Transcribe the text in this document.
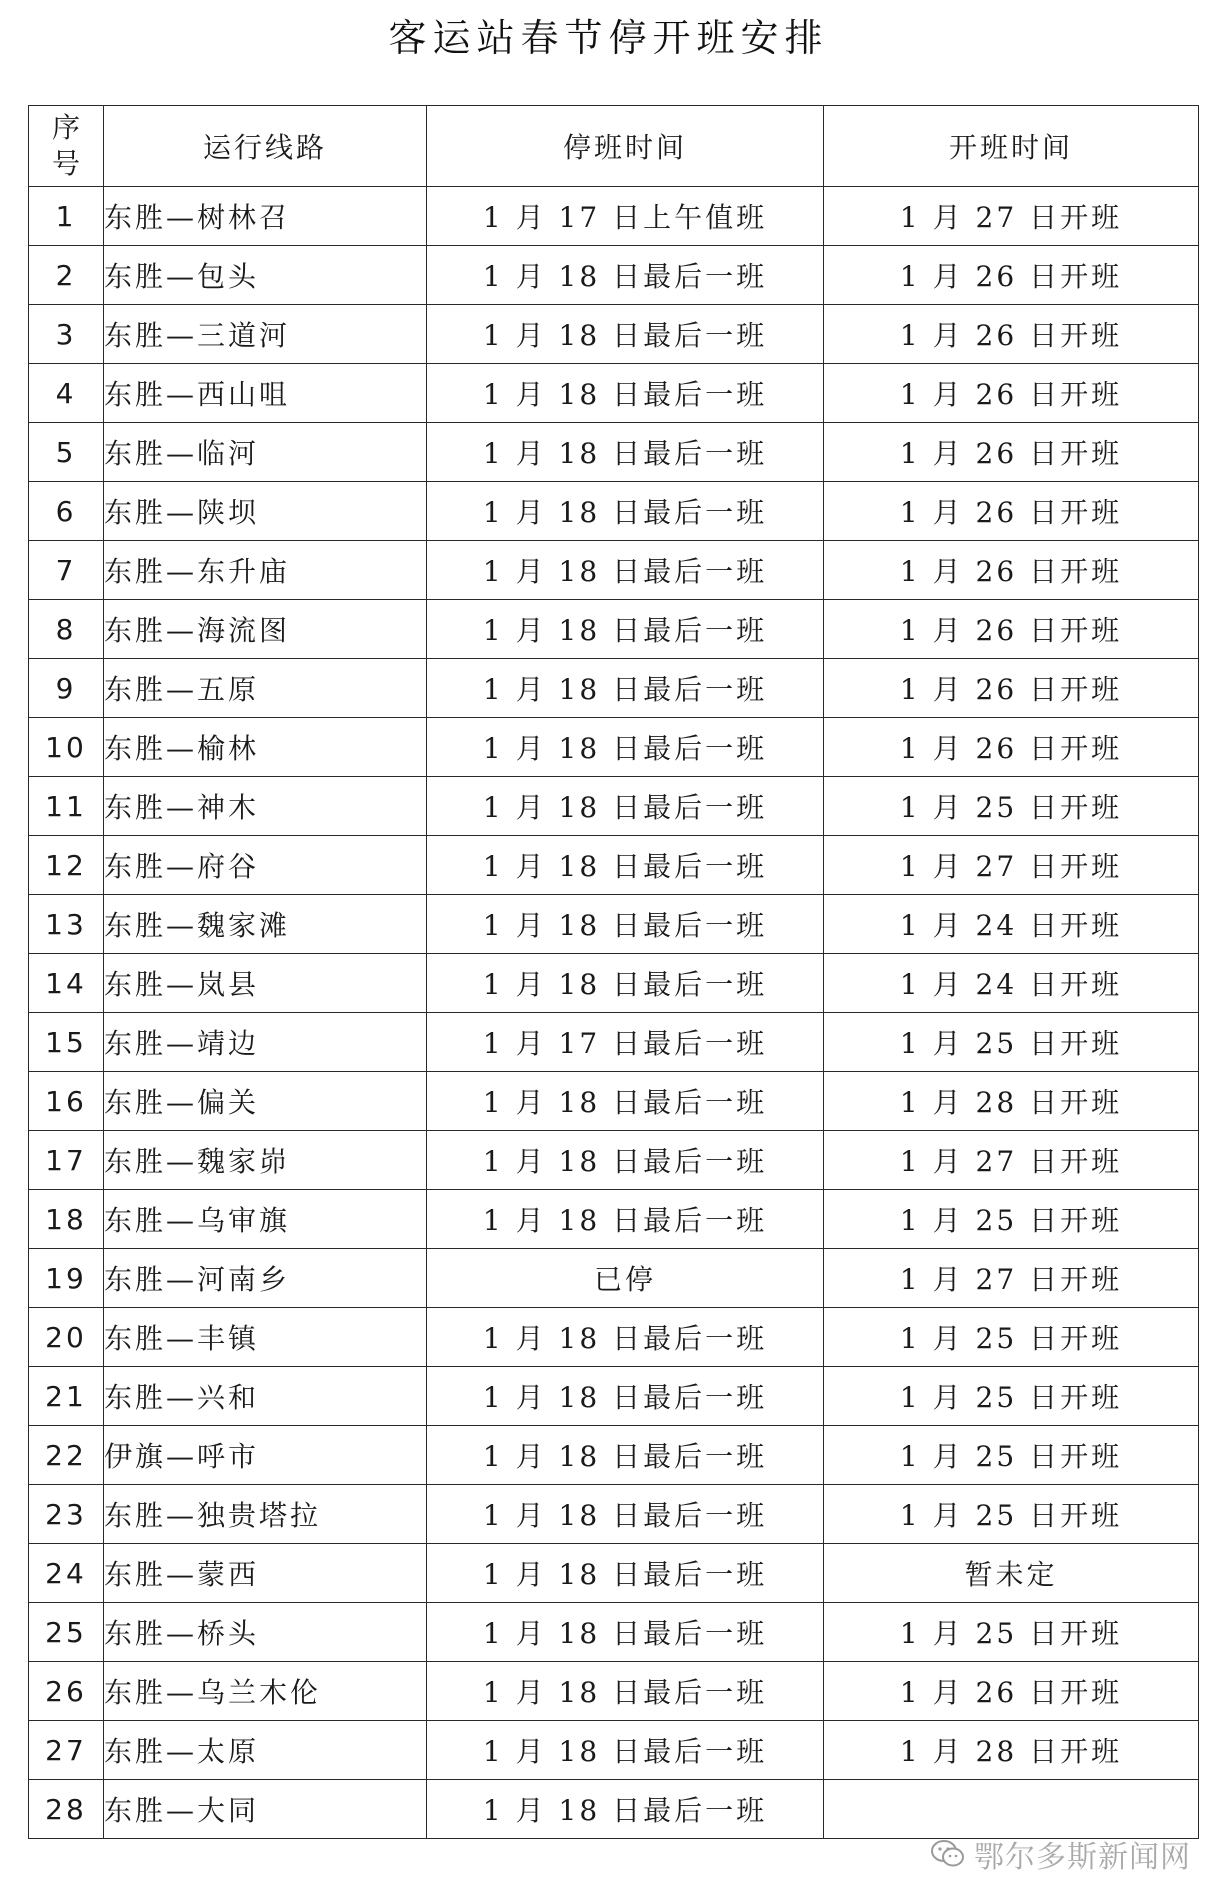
客运站春节停开班安排
序号	运行线路	停班时间	开班时间
1	东胜—树林召	1 月 17 日上午值班	1 月 27 日开班
2	东胜—包头	1 月 18 日最后一班	1 月 26 日开班
3	东胜—三道河	1 月 18 日最后一班	1 月 26 日开班
4	东胜—西山咀	1 月 18 日最后一班	1 月 26 日开班
5	东胜—临河	1 月 18 日最后一班	1 月 26 日开班
6	东胜—陕坝	1 月 18 日最后一班	1 月 26 日开班
7	东胜—东升庙	1 月 18 日最后一班	1 月 26 日开班
8	东胜—海流图	1 月 18 日最后一班	1 月 26 日开班
9	东胜—五原	1 月 18 日最后一班	1 月 26 日开班
10	东胜—榆林	1 月 18 日最后一班	1 月 26 日开班
11	东胜—神木	1 月 18 日最后一班	1 月 25 日开班
12	东胜—府谷	1 月 18 日最后一班	1 月 27 日开班
13	东胜—魏家滩	1 月 18 日最后一班	1 月 24 日开班
14	东胜—岚县	1 月 18 日最后一班	1 月 24 日开班
15	东胜—靖边	1 月 17 日最后一班	1 月 25 日开班
16	东胜—偏关	1 月 18 日最后一班	1 月 28 日开班
17	东胜—魏家峁	1 月 18 日最后一班	1 月 27 日开班
18	东胜—乌审旗	1 月 18 日最后一班	1 月 25 日开班
19	东胜—河南乡	已停	1 月 27 日开班
20	东胜—丰镇	1 月 18 日最后一班	1 月 25 日开班
21	东胜—兴和	1 月 18 日最后一班	1 月 25 日开班
22	伊旗—呼市	1 月 18 日最后一班	1 月 25 日开班
23	东胜—独贵塔拉	1 月 18 日最后一班	1 月 25 日开班
24	东胜—蒙西	1 月 18 日最后一班	暂未定
25	东胜—桥头	1 月 18 日最后一班	1 月 25 日开班
26	东胜—乌兰木伦	1 月 18 日最后一班	1 月 26 日开班
27	东胜—太原	1 月 18 日最后一班	1 月 28 日开班
28	东胜—大同	1 月 18 日最后一班	
鄂尔多斯新闻网
